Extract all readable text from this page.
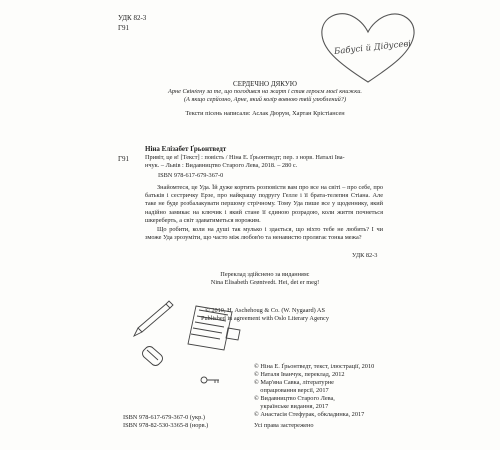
УДК 82-3
Г91
Бабусі й Дідусеві
СЕРДЕЧНО ДЯКУЮ
Арне Свінґену за те, що погодився на жарт і став героєм моєї книжки.
(А якщо серйозно, Арне, який колір вовною твій улюблений?)
Тексти пісень написали: Аслак Дюрум, Хартан Крістіансен
Г91
Ніна Елізабет Ґрьонтведт
Привіт, це я! [Текст] : повість / Ніна Е. Ґрьонтведт; пер. з норв. Наталі Іва-
нчук. – Львів : Видавництво Старого Лева, 2018. – 280 с.
ISBN 978-617-679-367-0
Знайомтеся, це Уда. Їй дуже кортить розповісти вам про все на світі – про себе, про батьків і сестричку Ерзе, про найкращу подругу Гелле і її брата-телепня Стіана. Але таке не буде розбалакувати першому стрічному. Тому Уда пише все у щоденнику, який надійно замикає на ключик і який стане її єдиною розрадою, коли життя почнеться шкереберть, а світ здаватиметься ворожим.
Що робити, коли на душі так мулько і здається, що ніхто тебе не любить? І чи зможе Уда зрозуміти, що часто між любов'ю та ненавистю пролягає тонка межа?
УДК 82-3
Переклад здійснено за виданням:
Nina Elisabeth Grøntvedt. Hei, det er meg!
© 2010, H. Aschehoug & Co. (W. Nygaard) AS
Published in agreement with Oslo Literary Agency
© Ніна Е. Ґрьонтведт, текст, ілюстрації, 2010
© Наталя Іванчук, переклад, 2012
© Мар'яна Савка, літературне
опрацювання версії, 2017
© Видавництво Старого Лева,
українське видання, 2017
© Анастасія Стефурак, обкладинка, 2017
ISBN 978-617-679-367-0 (укр.)
ISBN 978-82-530-3365-8 (норв.)	Усі права застережено
